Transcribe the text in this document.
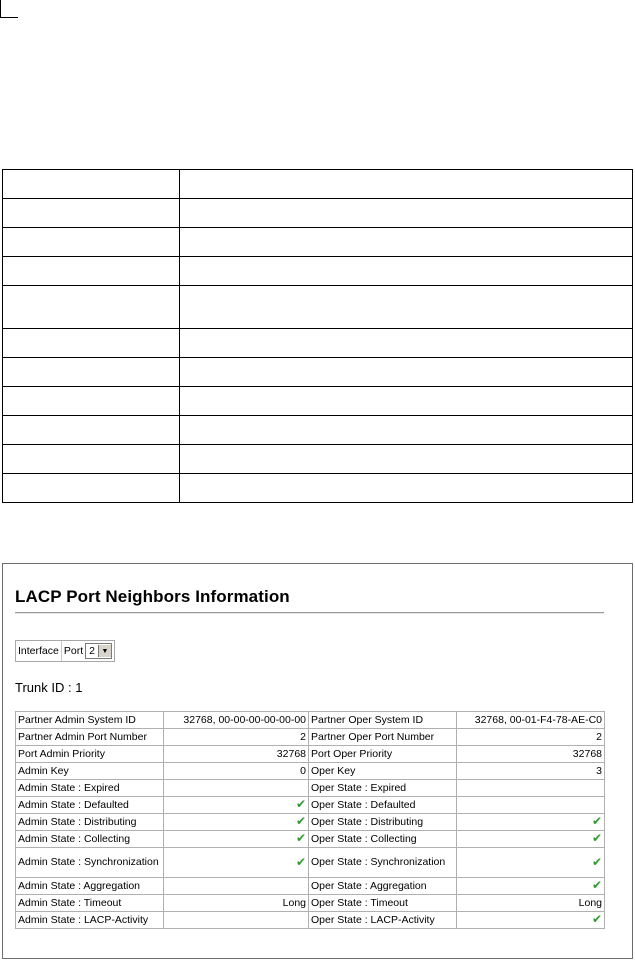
LACP Port Neighbors Information
Interface Port 2 ▼
Trunk ID : 1
Partner Admin System ID	32768, 00-00-00-00-00-00	Partner Oper System ID	32768, 00-01-F4-78-AE-C0
Partner Admin Port Number	2	Partner Oper Port Number	2
Port Admin Priority	32768	Port Oper Priority	32768
Admin Key	0	Oper Key	3
Admin State : Expired		Oper State : Expired	
Admin State : Defaulted	✔	Oper State : Defaulted	
Admin State : Distributing	✔	Oper State : Distributing	✔
Admin State : Collecting	✔	Oper State : Collecting	✔
Admin State : Synchronization	✔	Oper State : Synchronization	✔
Admin State : Aggregation		Oper State : Aggregation	✔
Admin State : Timeout	Long	Oper State : Timeout	Long
Admin State : LACP-Activity		Oper State : LACP-Activity	✔
